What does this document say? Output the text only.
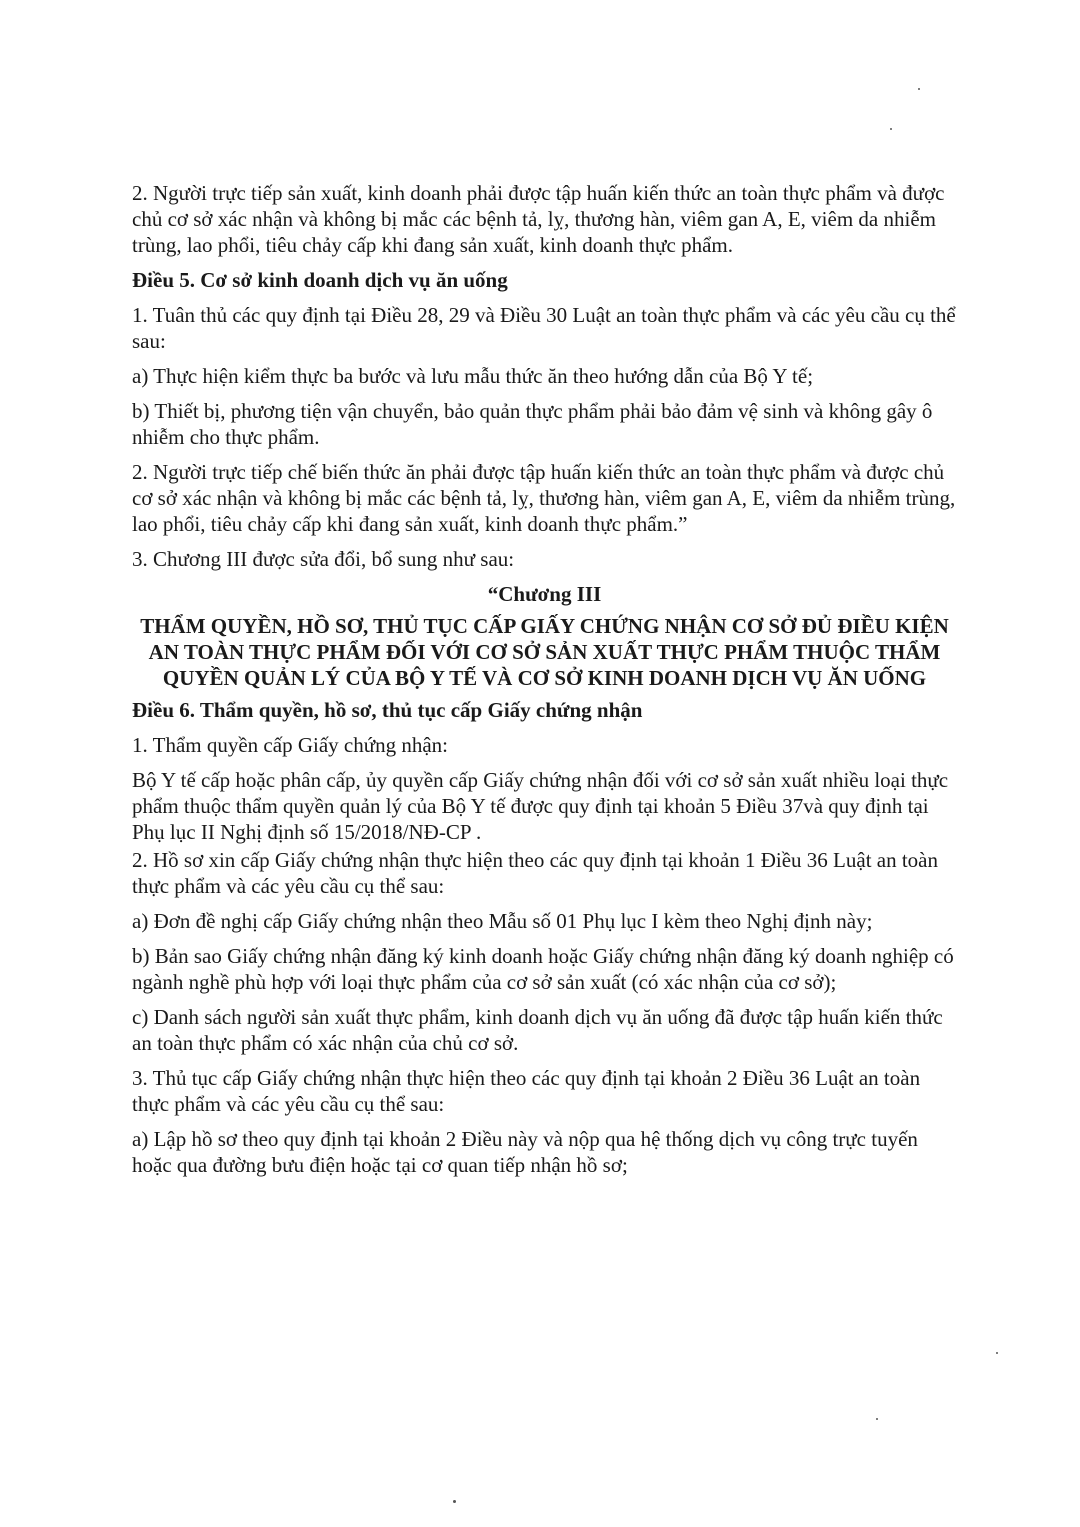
2. Người trực tiếp sản xuất, kinh doanh phải được tập huấn kiến thức an toàn thực phẩm và được chủ cơ sở xác nhận và không bị mắc các bệnh tả, lỵ, thương hàn, viêm gan A, E, viêm da nhiễm trùng, lao phổi, tiêu chảy cấp khi đang sản xuất, kinh doanh thực phẩm.

Điều 5. Cơ sở kinh doanh dịch vụ ăn uống

1. Tuân thủ các quy định tại Điều 28, 29 và Điều 30 Luật an toàn thực phẩm và các yêu cầu cụ thể sau:

a) Thực hiện kiểm thực ba bước và lưu mẫu thức ăn theo hướng dẫn của Bộ Y tế;

b) Thiết bị, phương tiện vận chuyển, bảo quản thực phẩm phải bảo đảm vệ sinh và không gây ô nhiễm cho thực phẩm.

2. Người trực tiếp chế biến thức ăn phải được tập huấn kiến thức an toàn thực phẩm và được chủ cơ sở xác nhận và không bị mắc các bệnh tả, lỵ, thương hàn, viêm gan A, E, viêm da nhiễm trùng, lao phổi, tiêu chảy cấp khi đang sản xuất, kinh doanh thực phẩm.”

3. Chương III được sửa đổi, bổ sung như sau:

“Chương III

THẨM QUYỀN, HỒ SƠ, THỦ TỤC CẤP GIẤY CHỨNG NHẬN CƠ SỞ ĐỦ ĐIỀU KIỆN AN TOÀN THỰC PHẨM ĐỐI VỚI CƠ SỞ SẢN XUẤT THỰC PHẨM THUỘC THẨM QUYỀN QUẢN LÝ CỦA BỘ Y TẾ VÀ CƠ SỞ KINH DOANH DỊCH VỤ ĂN UỐNG

Điều 6. Thẩm quyền, hồ sơ, thủ tục cấp Giấy chứng nhận

1. Thẩm quyền cấp Giấy chứng nhận:

Bộ Y tế cấp hoặc phân cấp, ủy quyền cấp Giấy chứng nhận đối với cơ sở sản xuất nhiều loại thực phẩm thuộc thẩm quyền quản lý của Bộ Y tế được quy định tại khoản 5 Điều 37và quy định tại Phụ lục II Nghị định số 15/2018/NĐ-CP .

2. Hồ sơ xin cấp Giấy chứng nhận thực hiện theo các quy định tại khoản 1 Điều 36 Luật an toàn thực phẩm và các yêu cầu cụ thể sau:

a) Đơn đề nghị cấp Giấy chứng nhận theo Mẫu số 01 Phụ lục I kèm theo Nghị định này;

b) Bản sao Giấy chứng nhận đăng ký kinh doanh hoặc Giấy chứng nhận đăng ký doanh nghiệp có ngành nghề phù hợp với loại thực phẩm của cơ sở sản xuất (có xác nhận của cơ sở);

c) Danh sách người sản xuất thực phẩm, kinh doanh dịch vụ ăn uống đã được tập huấn kiến thức an toàn thực phẩm có xác nhận của chủ cơ sở.

3. Thủ tục cấp Giấy chứng nhận thực hiện theo các quy định tại khoản 2 Điều 36 Luật an toàn thực phẩm và các yêu cầu cụ thể sau:

a) Lập hồ sơ theo quy định tại khoản 2 Điều này và nộp qua hệ thống dịch vụ công trực tuyến hoặc qua đường bưu điện hoặc tại cơ quan tiếp nhận hồ sơ;
